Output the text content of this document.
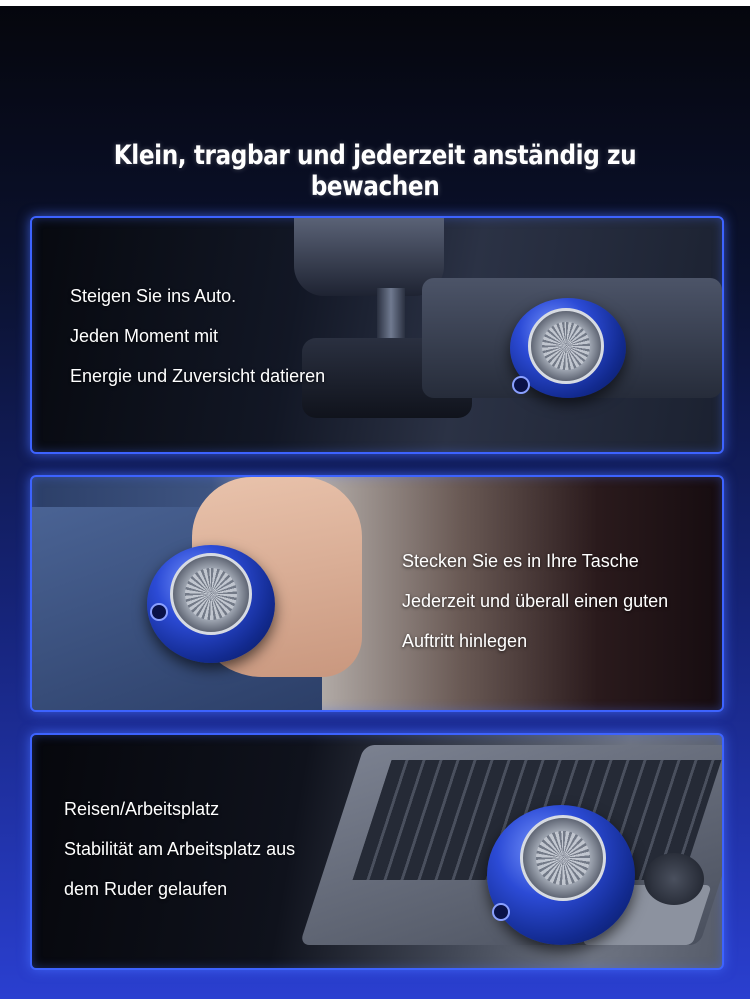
Klein, tragbar und jederzeit anständig zu bewachen
Steigen Sie ins Auto.
Jeden Moment mit
Energie und Zuversicht datieren
Stecken Sie es in Ihre Tasche
Jederzeit und überall einen guten
Auftritt hinlegen
Reisen/Arbeitsplatz
Stabilität am Arbeitsplatz aus
dem Ruder gelaufen
